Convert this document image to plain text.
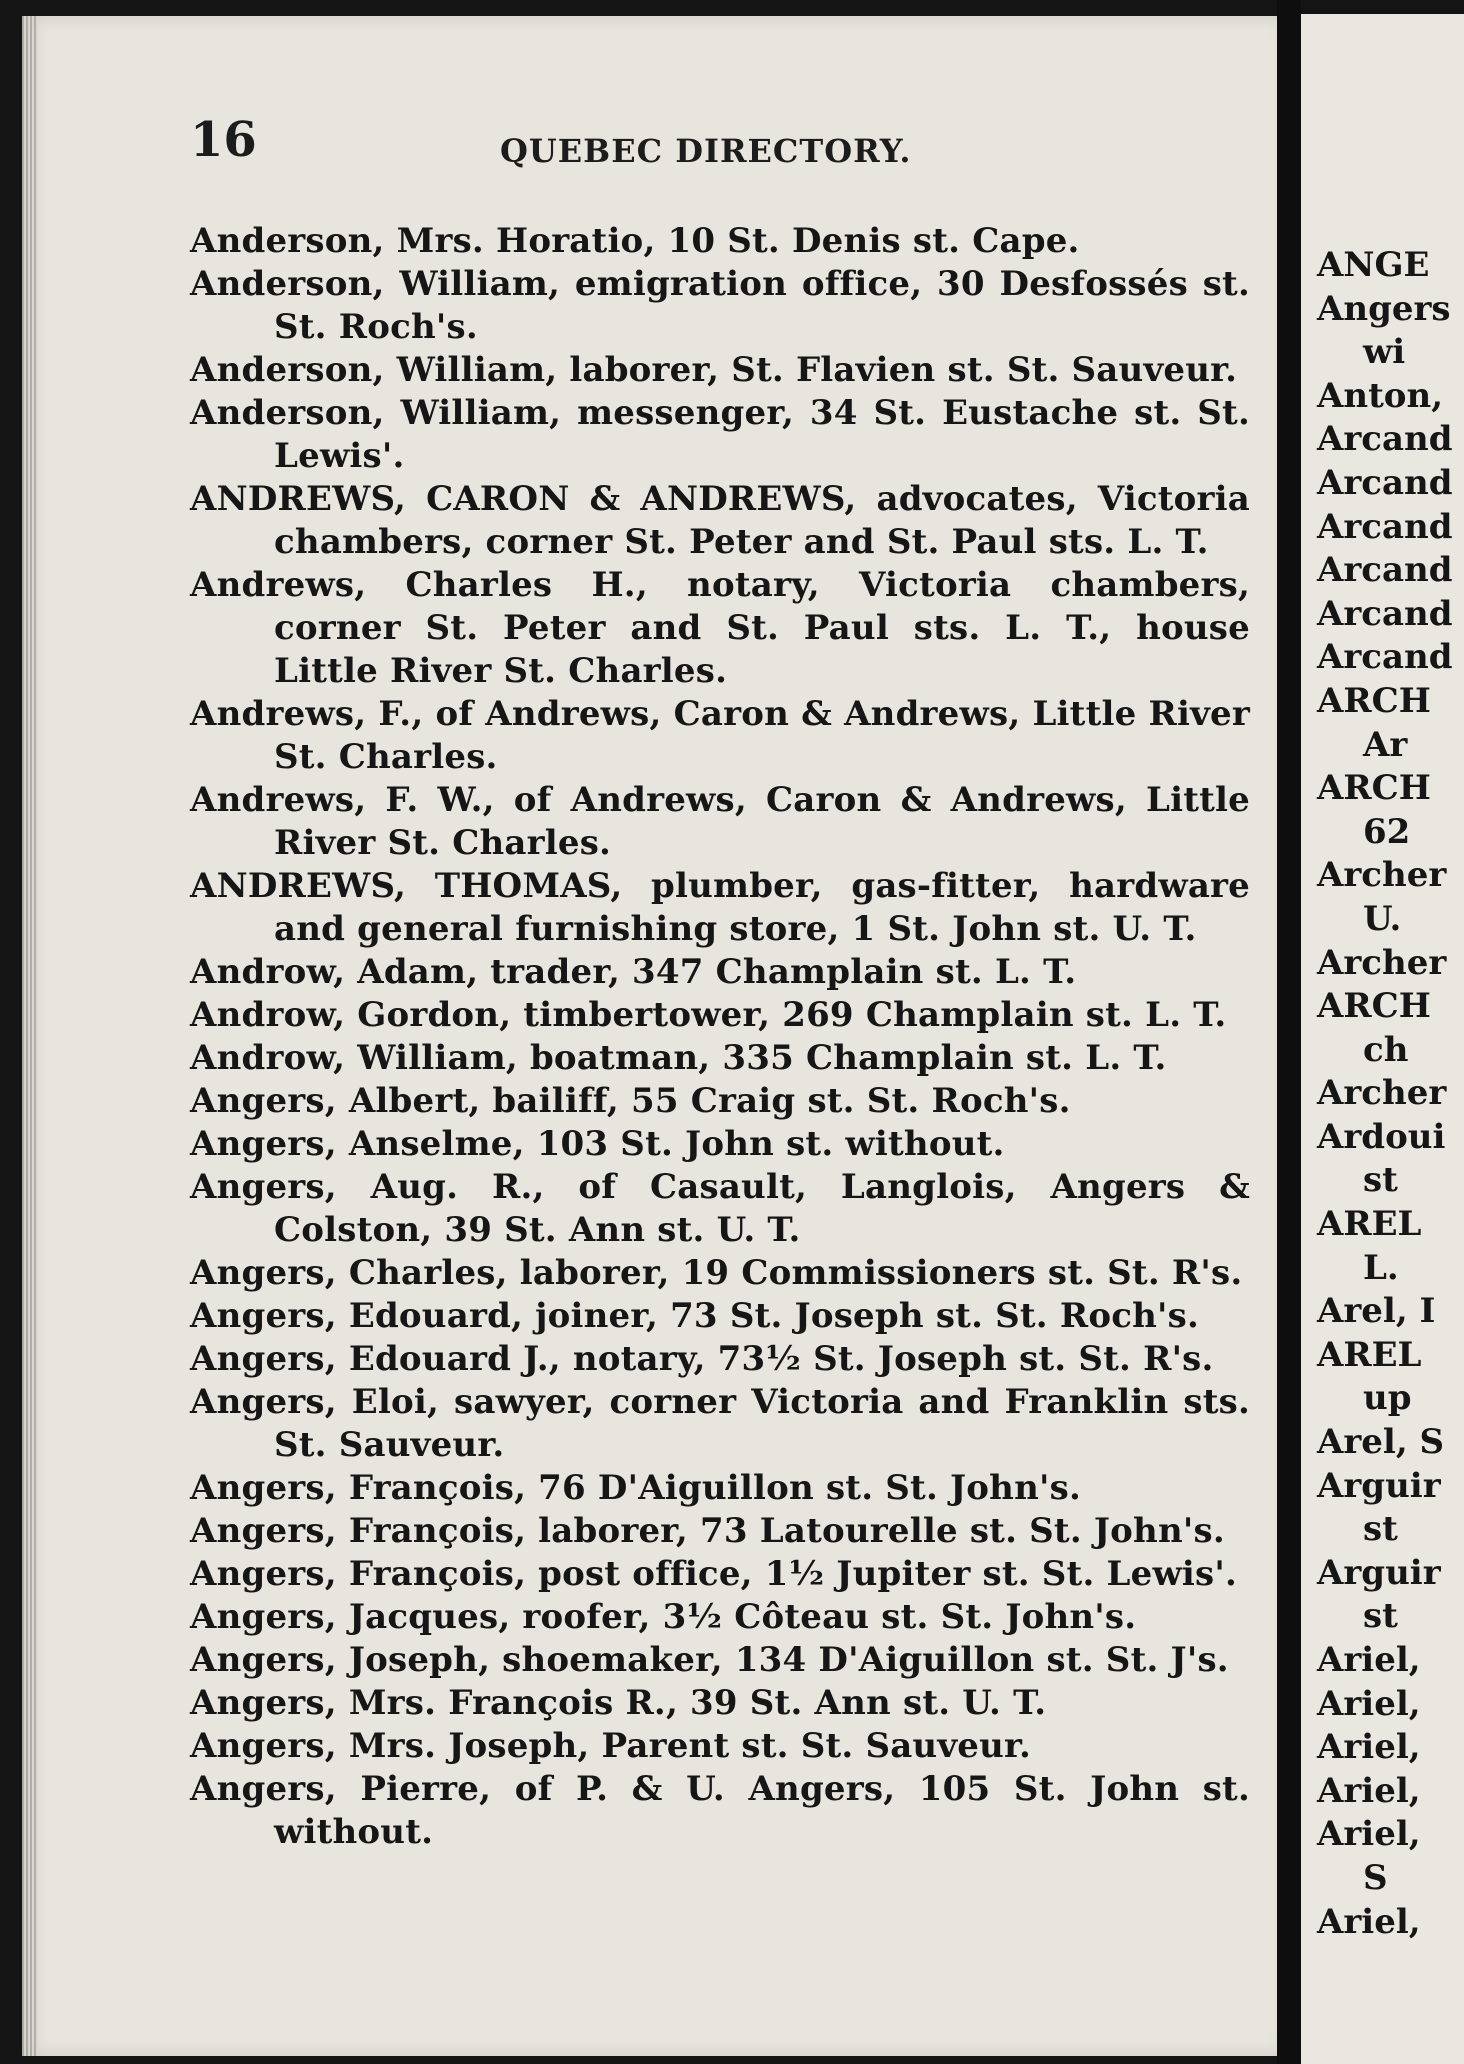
16	QUEBEC DIRECTORY.
Anderson, Mrs. Horatio, 10 St. Denis st. Cape.
Anderson, William, emigration office, 30 Desfossés st. St. Roch's.
Anderson, William, laborer, St. Flavien st. St. Sauveur.
Anderson, William, messenger, 34 St. Eustache st. St. Lewis'.
ANDREWS, CARON & ANDREWS, advocates, Victoria chambers, corner St. Peter and St. Paul sts. L. T.
Andrews, Charles H., notary, Victoria chambers, corner St. Peter and St. Paul sts. L. T., house Little River St. Charles.
Andrews, F., of Andrews, Caron & Andrews, Little River St. Charles.
Andrews, F. W., of Andrews, Caron & Andrews, Little River St. Charles.
ANDREWS, THOMAS, plumber, gas-fitter, hardware and general furnishing store, 1 St. John st. U. T.
Androw, Adam, trader, 347 Champlain st. L. T.
Androw, Gordon, timbertower, 269 Champlain st. L. T.
Androw, William, boatman, 335 Champlain st. L. T.
Angers, Albert, bailiff, 55 Craig st. St. Roch's.
Angers, Anselme, 103 St. John st. without.
Angers, Aug. R., of Casault, Langlois, Angers & Colston, 39 St. Ann st. U. T.
Angers, Charles, laborer, 19 Commissioners st. St. R's.
Angers, Edouard, joiner, 73 St. Joseph st. St. Roch's.
Angers, Edouard J., notary, 73½ St. Joseph st. St. R's.
Angers, Eloi, sawyer, corner Victoria and Franklin sts. St. Sauveur.
Angers, François, 76 D'Aiguillon st. St. John's.
Angers, François, laborer, 73 Latourelle st. St. John's.
Angers, François, post office, 1½ Jupiter st. St. Lewis'.
Angers, Jacques, roofer, 3½ Côteau st. St. John's.
Angers, Joseph, shoemaker, 134 D'Aiguillon st. St. J's.
Angers, Mrs. François R., 39 St. Ann st. U. T.
Angers, Mrs. Joseph, Parent st. St. Sauveur.
Angers, Pierre, of P. & U. Angers, 105 St. John st. without.
ANGE
Angers
wi
Anton,
Arcand
Arcand
Arcand
Arcand
Arcand
Arcand
ARCH
Ar
ARCH
62
Archer
U.
Archer
ARCH
ch
Archer
Ardoui
st
AREL
L.
Arel, I
AREL
up
Arel, S
Arguir
st
Arguir
st
Ariel,
Ariel,
Ariel,
Ariel,
Ariel,
S
Ariel,
